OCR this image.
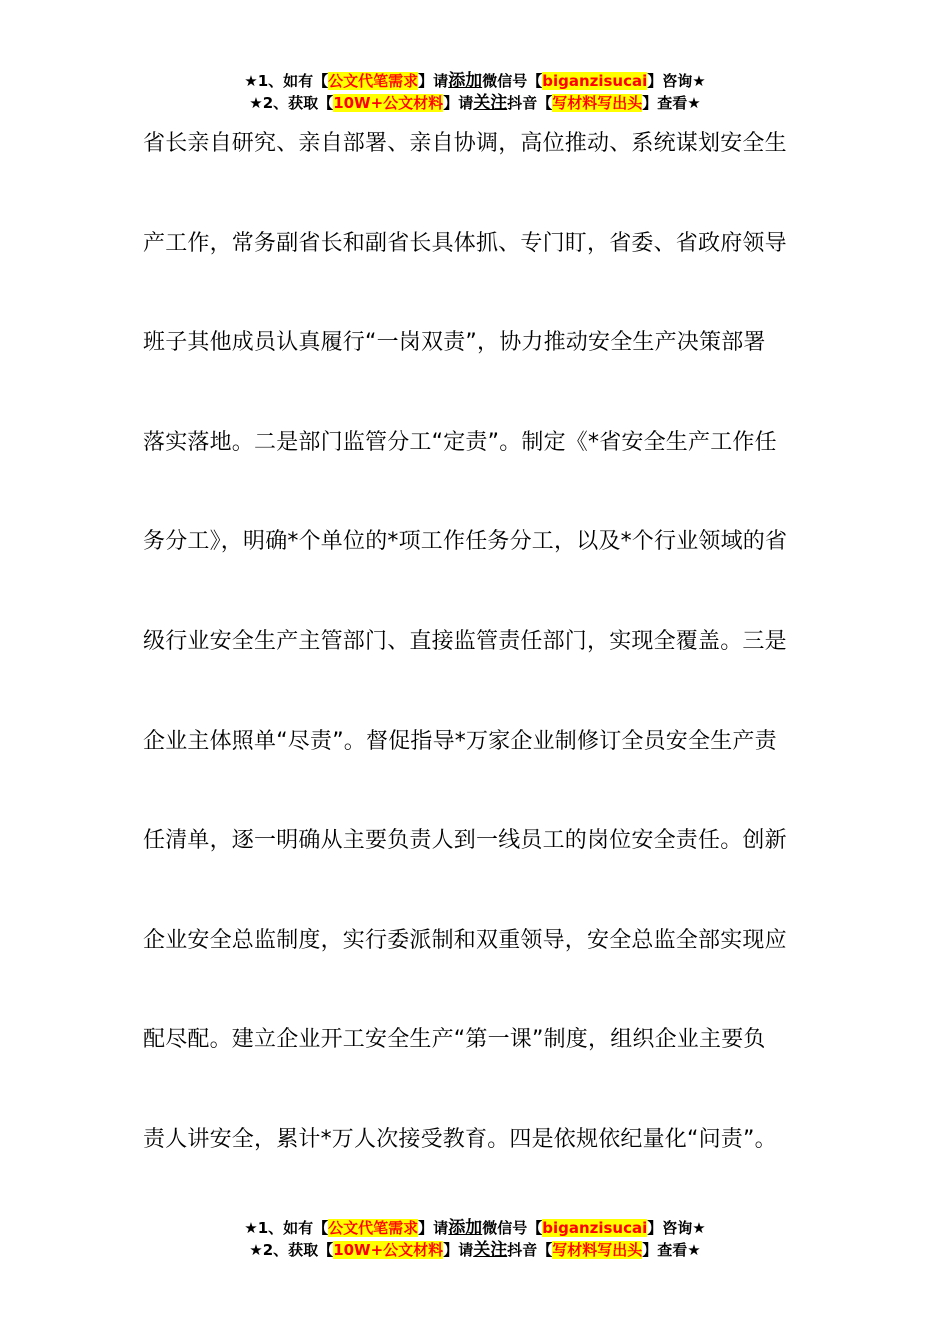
★1、如有【公文代笔需求】请添加微信号【biganzisucai】咨询★
★2、获取【10W+公文材料】请关注抖音【写材料写出头】查看★
省长亲自研究、亲自部署、亲自协调，高位推动、系统谋划安全生
产工作，常务副省长和副省长具体抓、专门盯，省委、省政府领导
班子其他成员认真履行“一岗双责”，协力推动安全生产决策部署
落实落地。二是部门监管分工“定责”。制定《*省安全生产工作任
务分工》，明确*个单位的*项工作任务分工，以及*个行业领域的省
级行业安全生产主管部门、直接监管责任部门，实现全覆盖。三是
企业主体照单“尽责”。督促指导*万家企业制修订全员安全生产责
任清单，逐一明确从主要负责人到一线员工的岗位安全责任。创新
企业安全总监制度，实行委派制和双重领导，安全总监全部实现应
配尽配。建立企业开工安全生产“第一课”制度，组织企业主要负
责人讲安全，累计*万人次接受教育。四是依规依纪量化“问责”。
★1、如有【公文代笔需求】请添加微信号【biganzisucai】咨询★
★2、获取【10W+公文材料】请关注抖音【写材料写出头】查看★
